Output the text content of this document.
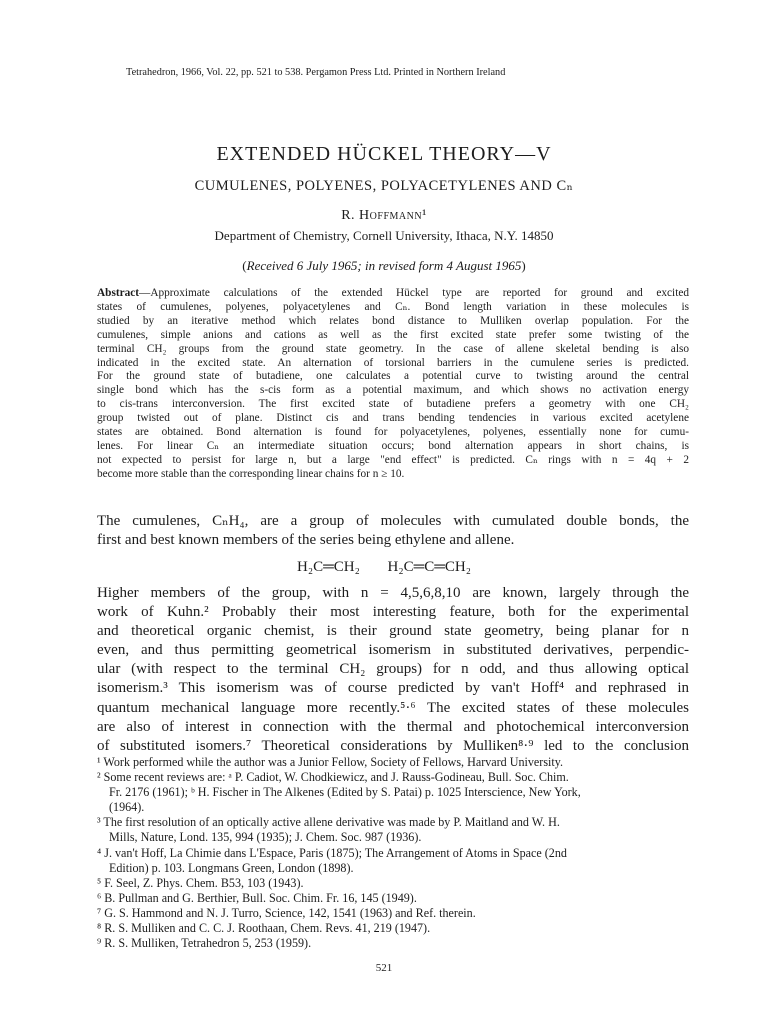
Tetrahedron, 1966, Vol. 22, pp. 521 to 538. Pergamon Press Ltd. Printed in Northern Ireland
EXTENDED HÜCKEL THEORY—V
CUMULENES, POLYENES, POLYACETYLENES AND Cₙ
R. Hoffmann¹
Department of Chemistry, Cornell University, Ithaca, N.Y. 14850
(Received 6 July 1965; in revised form 4 August 1965)
Abstract—Approximate calculations of the extended Hückel type are reported for ground and excited
states of cumulenes, polyenes, polyacetylenes and Cₙ. Bond length variation in these molecules is
studied by an iterative method which relates bond distance to Mulliken overlap population. For the
cumulenes, simple anions and cations as well as the first excited state prefer some twisting of the
terminal CH₂ groups from the ground state geometry. In the case of allene skeletal bending is also
indicated in the excited state. An alternation of torsional barriers in the cumulene series is predicted.
For the ground state of butadiene, one calculates a potential curve to twisting around the central
single bond which has the s-cis form as a potential maximum, and which shows no activation energy
to cis-trans interconversion. The first excited state of butadiene prefers a geometry with one CH₂
group twisted out of plane. Distinct cis and trans bending tendencies in various excited acetylene
states are obtained. Bond alternation is found for polyacetylenes, polyenes, essentially none for cumu-
lenes. For linear Cₙ an intermediate situation occurs; bond alternation appears in short chains, is
not expected to persist for large n, but a large "end effect" is predicted. Cₙ rings with n = 4q + 2
become more stable than the corresponding linear chains for n ≥ 10.
The cumulenes, CₙH₄, are a group of molecules with cumulated double bonds, the
first and best known members of the series being ethylene and allene.
H₂C═CH₂ H₂C═C═CH₂
Higher members of the group, with n = 4,5,6,8,10 are known, largely through the
work of Kuhn.² Probably their most interesting feature, both for the experimental
and theoretical organic chemist, is their ground state geometry, being planar for n
even, and thus permitting geometrical isomerism in substituted derivatives, perpendic-
ular (with respect to the terminal CH₂ groups) for n odd, and thus allowing optical
isomerism.³ This isomerism was of course predicted by van't Hoff⁴ and rephrased in
quantum mechanical language more recently.⁵·⁶ The excited states of these molecules
are also of interest in connection with the thermal and photochemical interconversion
of substituted isomers.⁷ Theoretical considerations by Mulliken⁸·⁹ led to the conclusion
¹ Work performed while the author was a Junior Fellow, Society of Fellows, Harvard University.
² Some recent reviews are: ᵃ P. Cadiot, W. Chodkiewicz, and J. Rauss-Godineau, Bull. Soc. Chim.
Fr. 2176 (1961); ᵇ H. Fischer in The Alkenes (Edited by S. Patai) p. 1025 Interscience, New York,
(1964).
³ The first resolution of an optically active allene derivative was made by P. Maitland and W. H.
Mills, Nature, Lond. 135, 994 (1935); J. Chem. Soc. 987 (1936).
⁴ J. van't Hoff, La Chimie dans L'Espace, Paris (1875); The Arrangement of Atoms in Space (2nd
Edition) p. 103. Longmans Green, London (1898).
⁵ F. Seel, Z. Phys. Chem. B53, 103 (1943).
⁶ B. Pullman and G. Berthier, Bull. Soc. Chim. Fr. 16, 145 (1949).
⁷ G. S. Hammond and N. J. Turro, Science, 142, 1541 (1963) and Ref. therein.
⁸ R. S. Mulliken and C. C. J. Roothaan, Chem. Revs. 41, 219 (1947).
⁹ R. S. Mulliken, Tetrahedron 5, 253 (1959).
521
